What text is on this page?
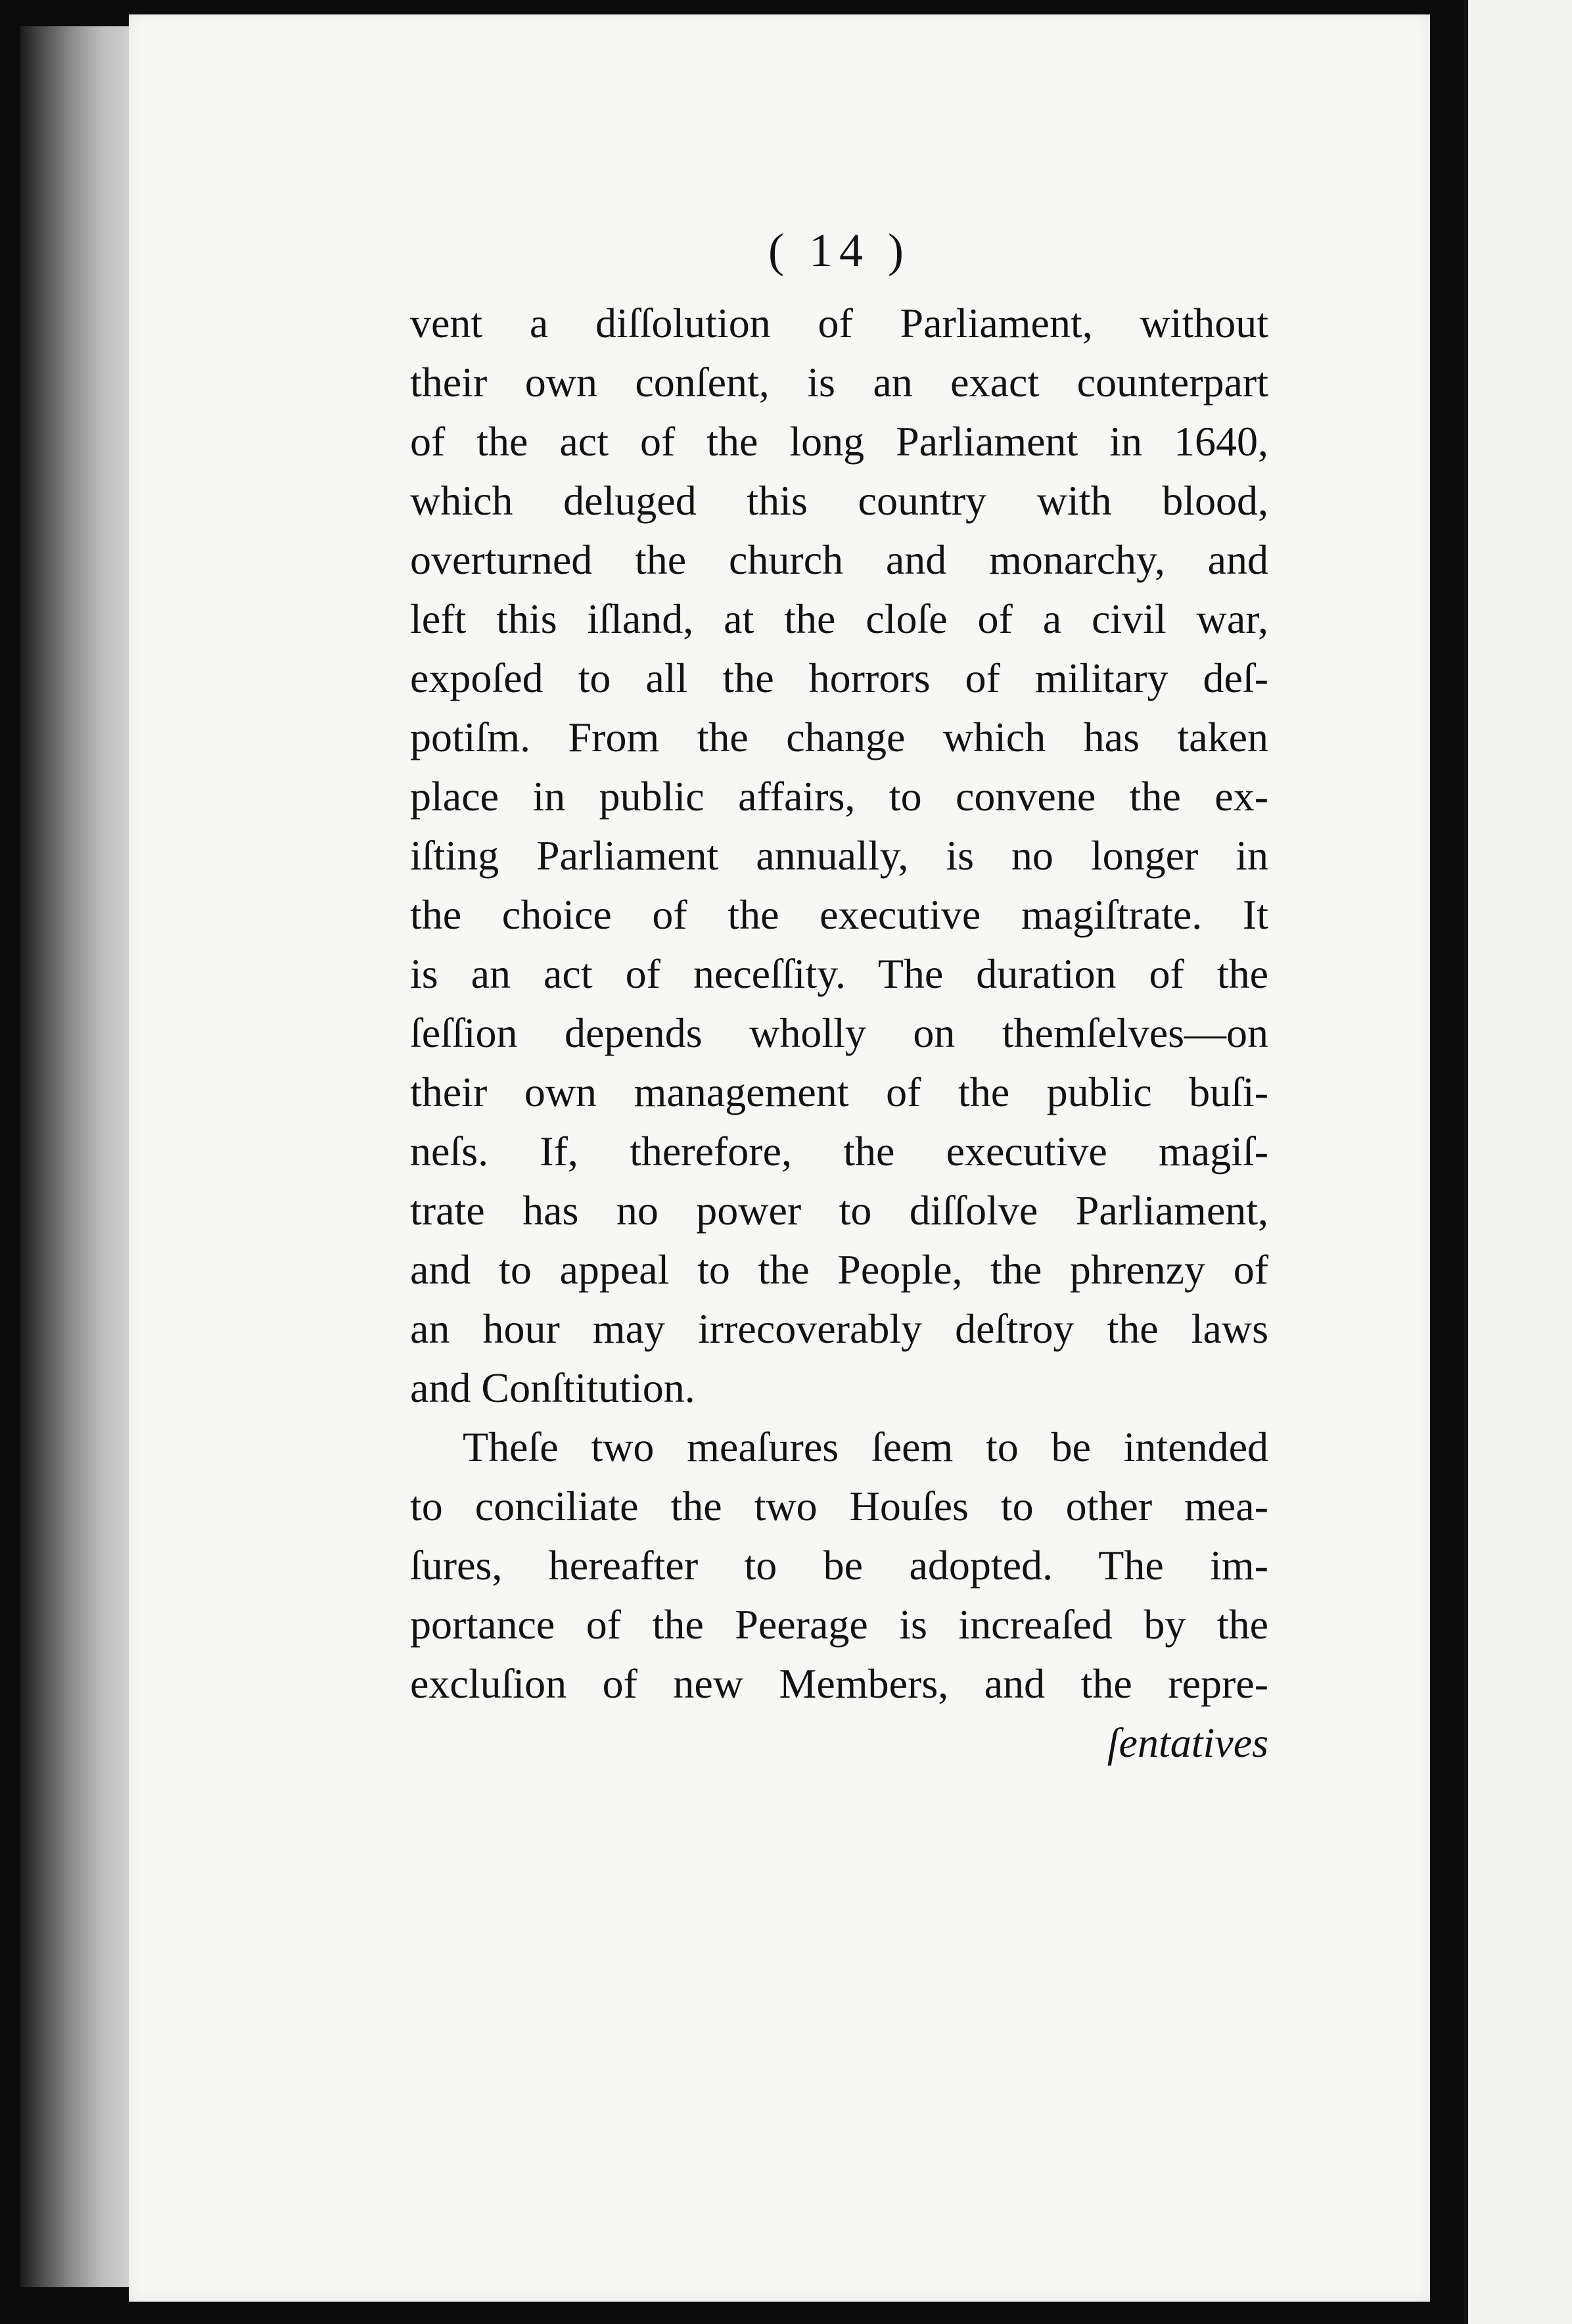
( 14 )
vent a diſſolution of Parliament, without
their own conſent, is an exact counterpart
of the act of the long Parliament in 1640,
which deluged this country with blood,
overturned the church and monarchy, and
left this iſland, at the cloſe of a civil war,
expoſed to all the horrors of military deſ-
potiſm. From the change which has taken
place in public affairs, to convene the ex-
iſting Parliament annually, is no longer in
the choice of the executive magiſtrate. It
is an act of neceſſity. The duration of the
ſeſſion depends wholly on themſelves—on
their own management of the public buſi-
neſs. If, therefore, the executive magiſ-
trate has no power to diſſolve Parliament,
and to appeal to the People, the phrenzy of
an hour may irrecoverably deſtroy the laws
and Conſtitution.
Theſe two meaſures ſeem to be intended
to conciliate the two Houſes to other mea-
ſures, hereafter to be adopted. The im-
portance of the Peerage is increaſed by the
excluſion of new Members, and the repre-
ſentatives
